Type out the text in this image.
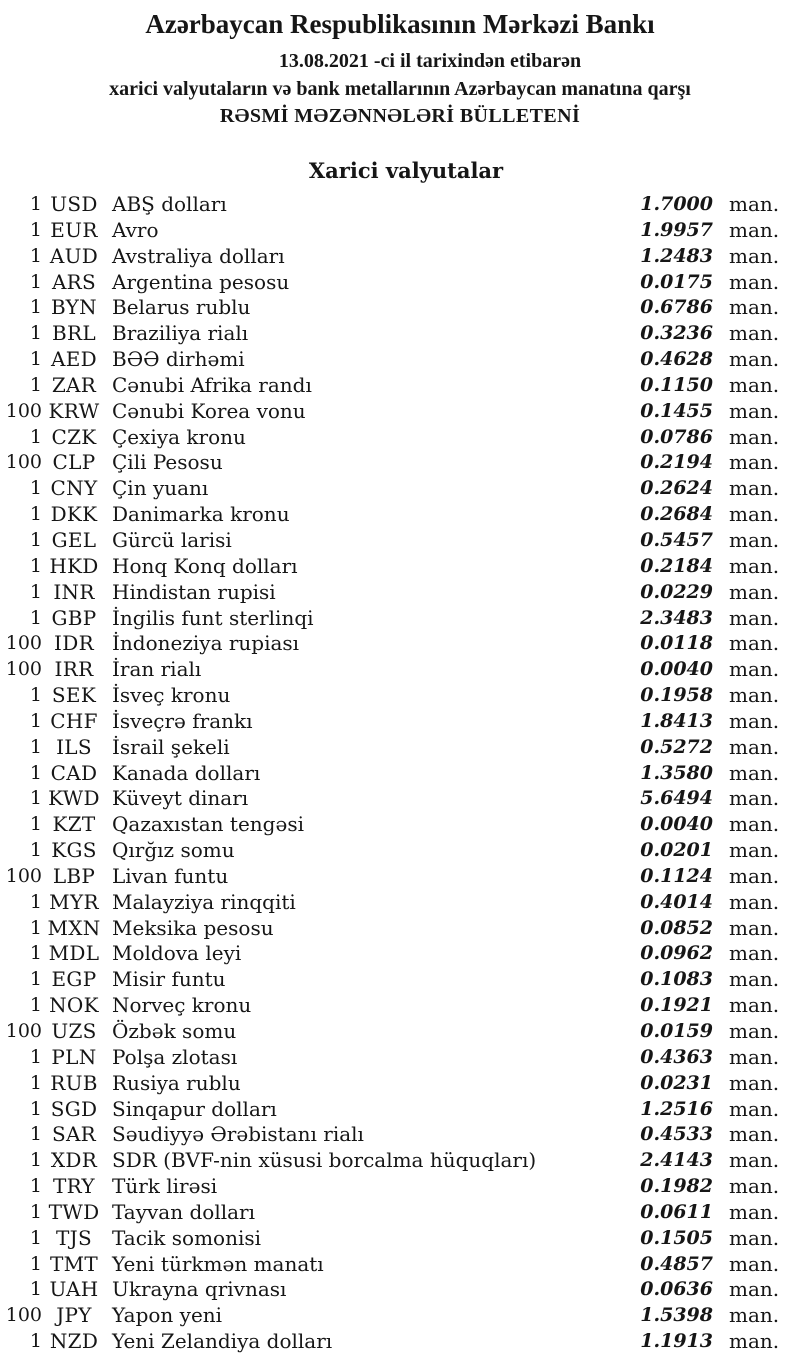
Azərbaycan Respublikasının Mərkəzi Bankı
13.08.2021 -ci il tarixindən etibarən
xarici valyutaların və bank metallarının Azərbaycan manatına qarşı
RƏSMİ MƏZƏNNƏLƏRİ BÜLLETENİ
Xarici valyutalar
1 USD ABŞ dolları	1.7000 man.
1 EUR Avro	1.9957 man.
1 AUD Avstraliya dolları	1.2483 man.
1 ARS Argentina pesosu	0.0175 man.
1 BYN Belarus rublu	0.6786 man.
1 BRL Braziliya rialı	0.3236 man.
1 AED BƏƏ dirhəmi	0.4628 man.
1 ZAR Cənubi Afrika randı	0.1150 man.
100 KRW Cənubi Korea vonu	0.1455 man.
1 CZK Çexiya kronu	0.0786 man.
100 CLP Çili Pesosu	0.2194 man.
1 CNY Çin yuanı	0.2624 man.
1 DKK Danimarka kronu	0.2684 man.
1 GEL Gürcü larisi	0.5457 man.
1 HKD Honq Konq dolları	0.2184 man.
1 INR Hindistan rupisi	0.0229 man.
1 GBP İngilis funt sterlinqi	2.3483 man.
100 IDR İndoneziya rupiası	0.0118 man.
100 IRR İran rialı	0.0040 man.
1 SEK İsveç kronu	0.1958 man.
1 CHF İsveçrə frankı	1.8413 man.
1 ILS	İsrail şekeli	0.5272 man.
1 CAD Kanada dolları	1.3580 man.
1 KWD Küveyt dinarı	5.6494 man.
1 KZT Qazaxıstan tengəsi	0.0040 man.
1 KGS Qırğız somu	0.0201 man.
100 LBP Livan funtu	0.1124 man.
1 MYR Malayziya rinqqiti	0.4014 man.
1 MXN Meksika pesosu	0.0852 man.
1 MDL Moldova leyi	0.0962 man.
1 EGP Misir funtu	0.1083 man.
1 NOK Norveç kronu	0.1921 man.
100 UZS Özbək somu	0.0159 man.
1 PLN Polşa zlotası	0.4363 man.
1 RUB Rusiya rublu	0.0231 man.
1 SGD Sinqapur dolları	1.2516 man.
1 SAR Səudiyyə Ərəbistanı rialı	0.4533 man.
1 XDR SDR (BVF-nin xüsusi borcalma hüquqları)	2.4143 man.
1 TRY Türk lirəsi	0.1982 man.
1 TWD Tayvan dolları	0.0611 man.
1 TJS	Tacik somonisi	0.1505 man.
1 TMT Yeni türkmən manatı	0.4857 man.
1 UAH Ukrayna qrivnası	0.0636 man.
100 JPY	Yapon yeni	1.5398 man.
1 NZD Yeni Zelandiya dolları	1.1913 man.
